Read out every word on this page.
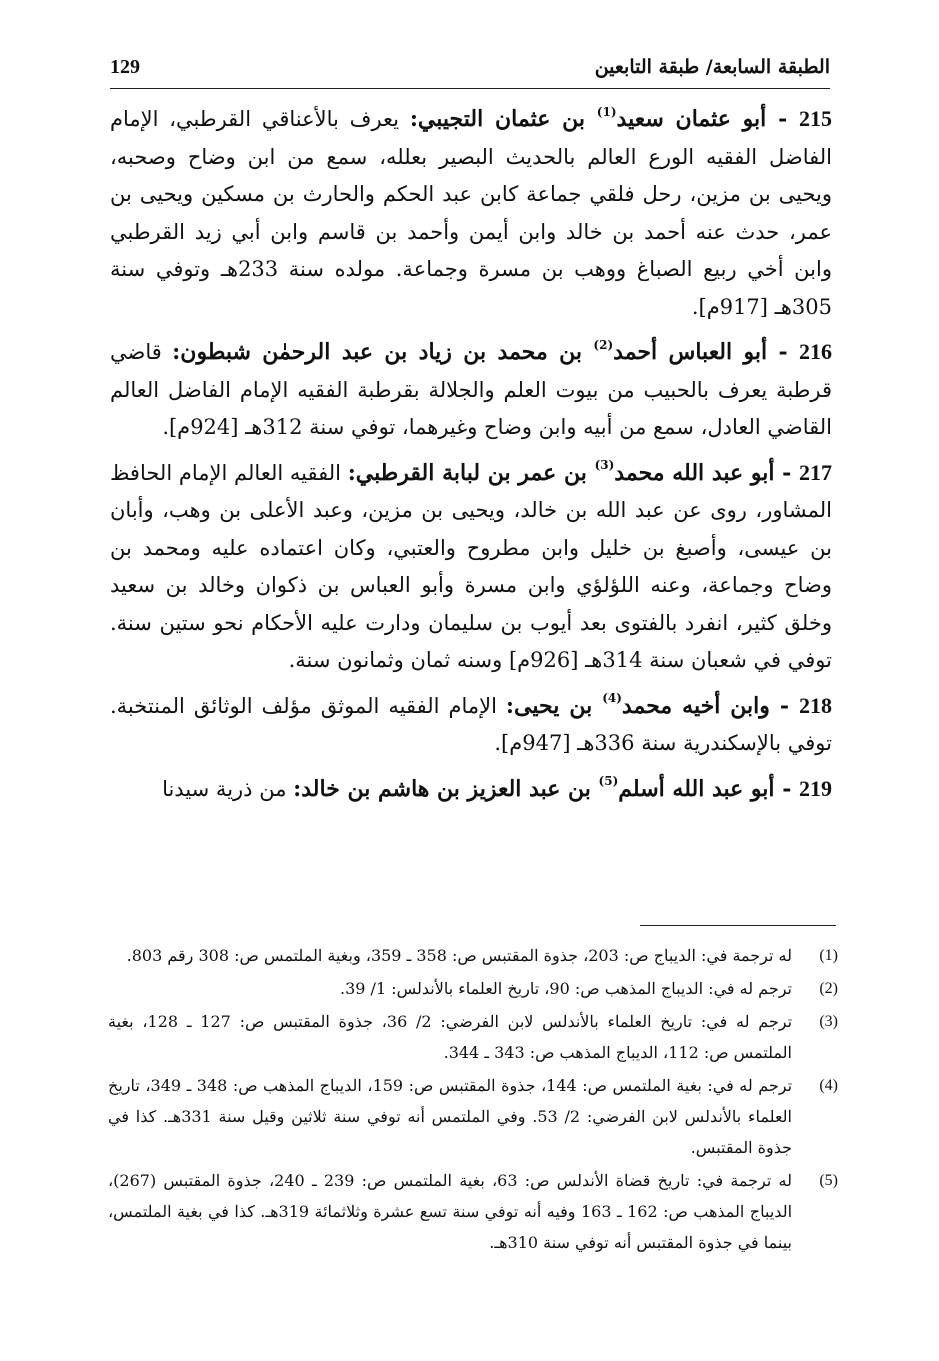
الطبقة السابعة/ طبقة التابعين
129

215 - أبو عثمان سعيد$^{(1)}$ بن عثمان التجيبي: يعرف بالأعناقي القرطبي، الإمام الفاضل الفقيه الورع العالم بالحديث البصير بعلله، سمع من ابن وضاح وصحبه، ويحيى بن مزين، رحل فلقي جماعة كابن عبد الحكم والحارث بن مسكين ويحيى بن عمر، حدث عنه أحمد بن خالد وابن أيمن وأحمد بن قاسم وابن أبي زيد القرطبي وابن أخي ربيع الصباغ ووهب بن مسرة وجماعة. مولده سنة 233هـ وتوفي سنة 305هـ [917م].

216 - أبو العباس أحمد$^{(2)}$ بن محمد بن زياد بن عبد الرحمٰن شبطون: قاضي قرطبة يعرف بالحبيب من بيوت العلم والجلالة بقرطبة الفقيه الإمام الفاضل العالم القاضي العادل، سمع من أبيه وابن وضاح وغيرهما، توفي سنة 312هـ [924م].

217 - أبو عبد الله محمد$^{(3)}$ بن عمر بن لبابة القرطبي: الفقيه العالم الإمام الحافظ المشاور، روى عن عبد الله بن خالد، ويحيى بن مزين، وعبد الأعلى بن وهب، وأبان بن عيسى، وأصبغ بن خليل وابن مطروح والعتبي، وكان اعتماده عليه ومحمد بن وضاح وجماعة، وعنه اللؤلؤي وابن مسرة وأبو العباس بن ذكوان وخالد بن سعيد وخلق كثير، انفرد بالفتوى بعد أيوب بن سليمان ودارت عليه الأحكام نحو ستين سنة. توفي في شعبان سنة 314هـ [926م] وسنه ثمان وثمانون سنة.

218 - وابن أخيه محمد$^{(4)}$ بن يحيى: الإمام الفقيه الموثق مؤلف الوثائق المنتخبة. توفي بالإسكندرية سنة 336هـ [947م].

219 - أبو عبد الله أسلم$^{(5)}$ بن عبد العزيز بن هاشم بن خالد: من ذرية سيدنا

(1)
له ترجمة في: الديباج ص: 203، جذوة المقتبس ص: 358 ـ 359، وبغية الملتمس ص: 308 رقم 803.
(2)
ترجم له في: الديباج المذهب ص: 90، تاريخ العلماء بالأندلس: 1/ 39.
(3)
ترجم له في: تاريخ العلماء بالأندلس لابن الفرضي: 2/ 36، جذوة المقتبس ص: 127 ـ 128، بغية الملتمس ص: 112، الديباج المذهب ص: 343 ـ 344.
(4)
ترجم له في: بغية الملتمس ص: 144، جذوة المقتبس ص: 159، الديباج المذهب ص: 348 ـ 349، تاريخ العلماء بالأندلس لابن الفرضي: 2/ 53. وفي الملتمس أنه توفي سنة ثلاثين وقيل سنة 331هـ. كذا في جذوة المقتبس.
(5)
له ترجمة في: تاريخ قضاة الأندلس ص: 63، بغية الملتمس ص: 239 ـ 240، جذوة المقتبس (267)، الديباج المذهب ص: 162 ـ 163 وفيه أنه توفي سنة تسع عشرة وثلاثمائة 319هـ. كذا في بغية الملتمس، بينما في جذوة المقتبس أنه توفي سنة 310هـ.
